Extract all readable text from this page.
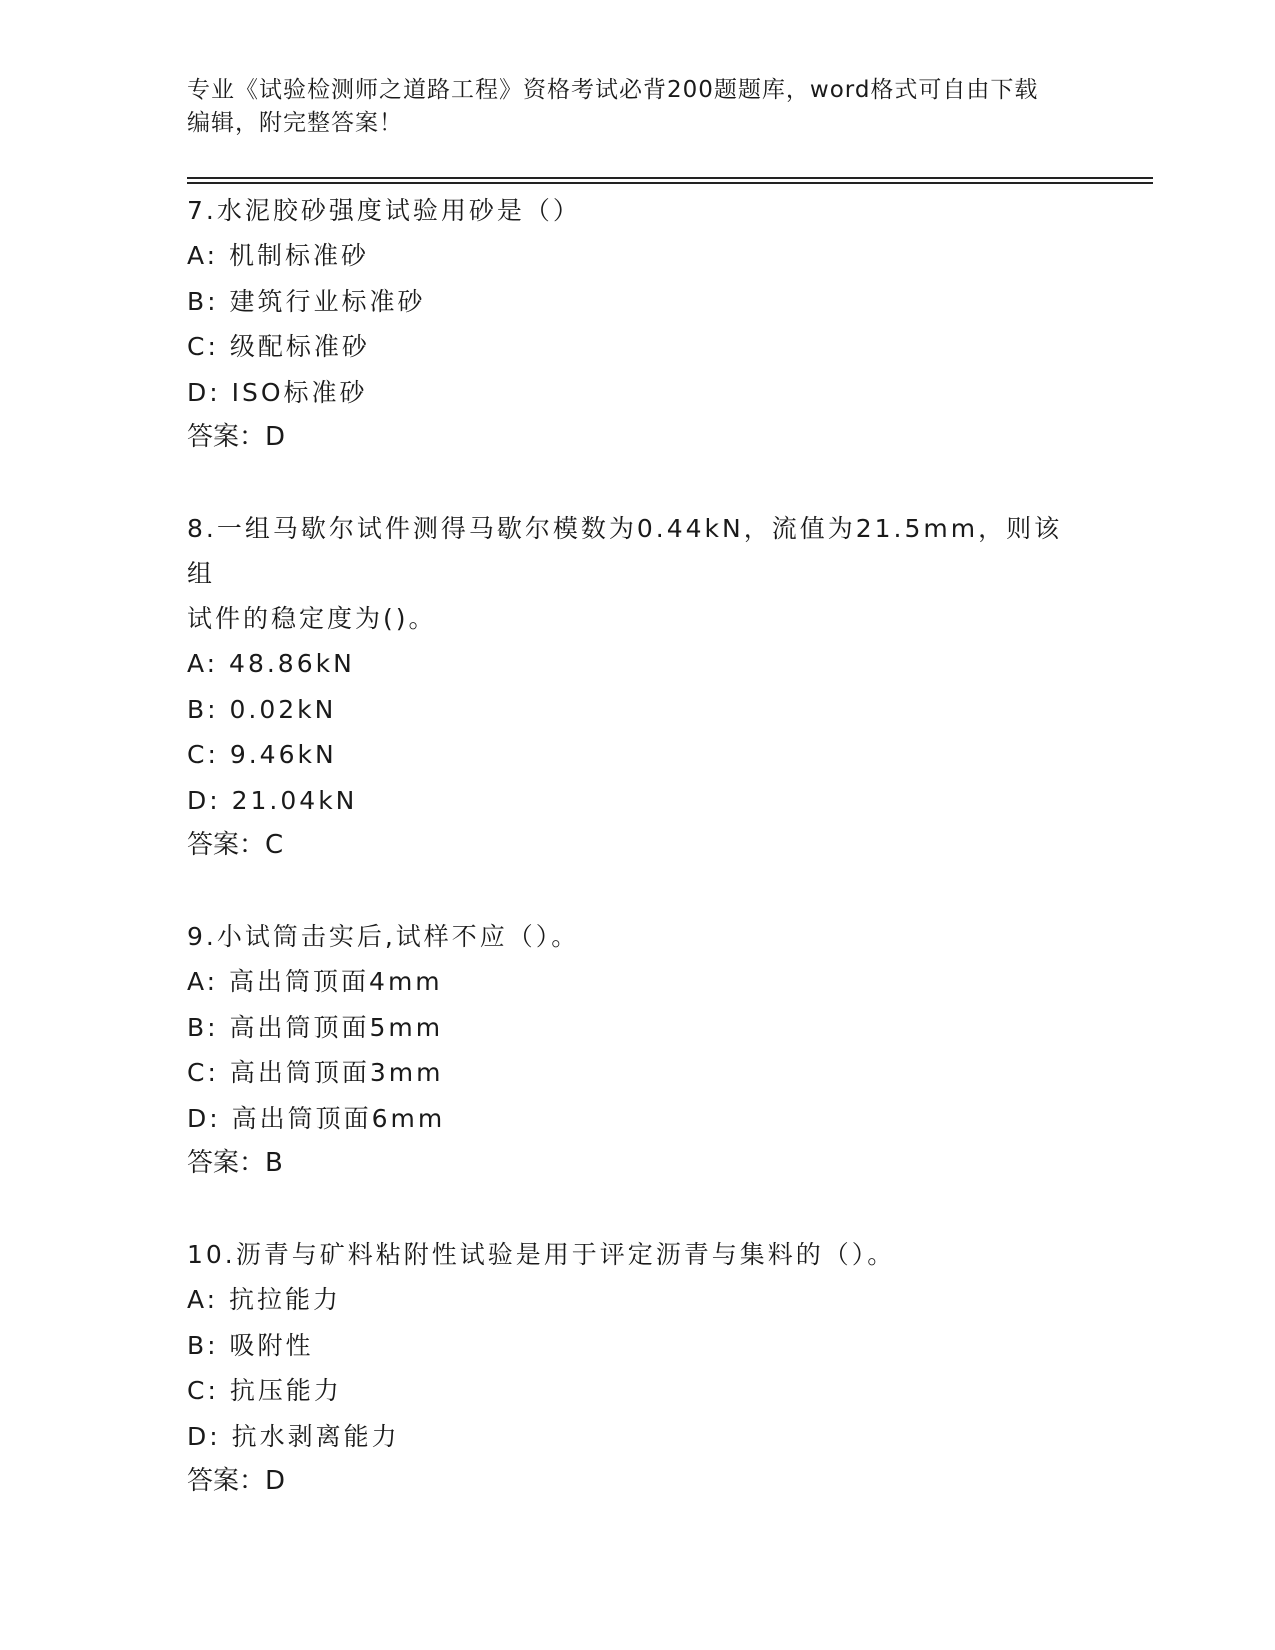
专业《试验检测师之道路工程》资格考试必背200题题库，word格式可自由下载
编辑，附完整答案！
7.水泥胶砂强度试验用砂是（）
A: 机制标准砂
B: 建筑行业标准砂
C: 级配标准砂
D: ISO标准砂
答案：D
8.一组马歇尔试件测得马歇尔模数为0.44kN，流值为21.5mm，则该组
试件的稳定度为()。
A: 48.86kN
B: 0.02kN
C: 9.46kN
D: 21.04kN
答案：C
9.小试筒击实后,试样不应（）。
A: 高出筒顶面4mm
B: 高出筒顶面5mm
C: 高出筒顶面3mm
D: 高出筒顶面6mm
答案：B
10.沥青与矿料粘附性试验是用于评定沥青与集料的（）。
A: 抗拉能力
B: 吸附性
C: 抗压能力
D: 抗水剥离能力
答案：D
